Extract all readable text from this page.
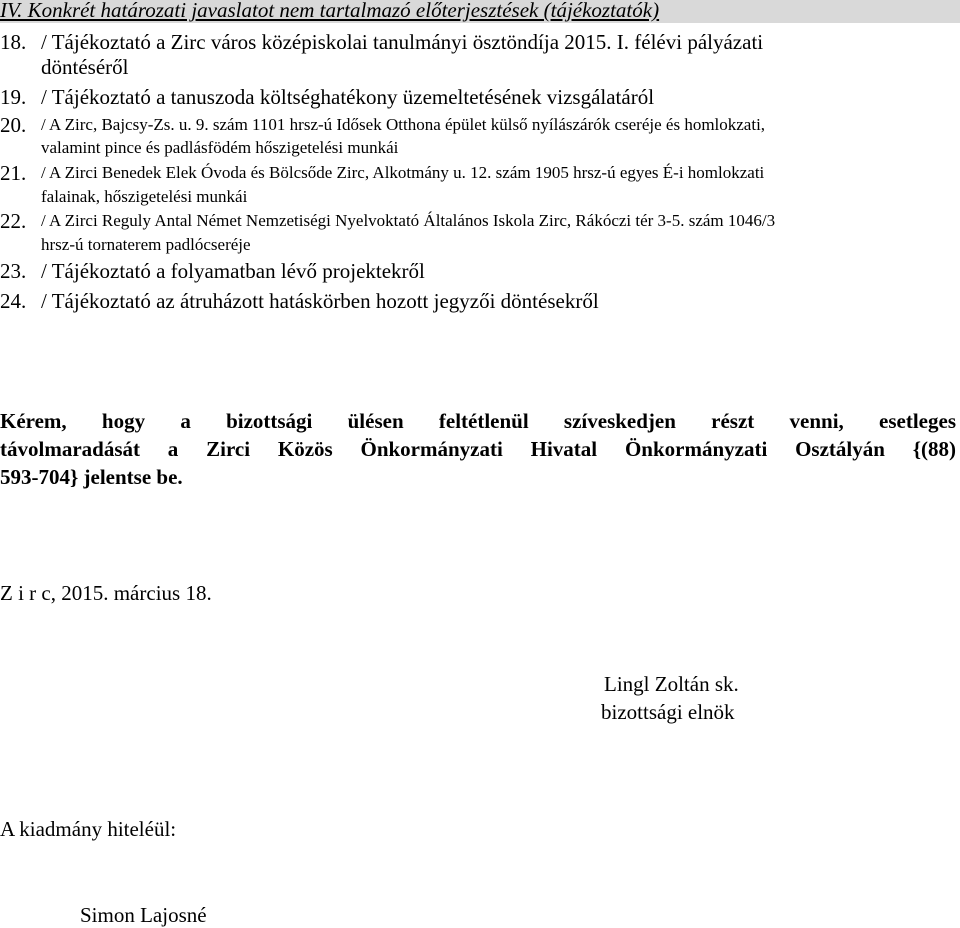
IV. Konkrét határozati javaslatot nem tartalmazó előterjesztések (tájékoztatók)
18. / Tájékoztató a Zirc város középiskolai tanulmányi ösztöndíja 2015. I. félévi pályázati
döntéséről
19. / Tájékoztató a tanuszoda költséghatékony üzemeltetésének vizsgálatáról
20. / A Zirc, Bajcsy-Zs. u. 9. szám 1101 hrsz-ú Idősek Otthona épület külső nyílászárók cseréje és homlokzati,
valamint pince és padlásfödém hőszigetelési munkái
21. / A Zirci Benedek Elek Óvoda és Bölcsőde Zirc, Alkotmány u. 12. szám 1905 hrsz-ú egyes É-i homlokzati
falainak, hőszigetelési munkái
22. / A Zirci Reguly Antal Német Nemzetiségi Nyelvoktató Általános Iskola Zirc, Rákóczi tér 3-5. szám 1046/3
hrsz-ú tornaterem padlócseréje
23. / Tájékoztató a folyamatban lévő projektekről
24. / Tájékoztató az átruházott hatáskörben hozott jegyzői döntésekről
Kérem, hogy a bizottsági ülésen feltétlenül szíveskedjen részt venni, esetleges
távolmaradását a Zirci Közös Önkormányzati Hivatal Önkormányzati Osztályán {(88)
593-704} jelentse be.
Z i r c, 2015. március 18.
Lingl Zoltán sk.
bizottsági elnök
A kiadmány hiteléül:
Simon Lajosné
